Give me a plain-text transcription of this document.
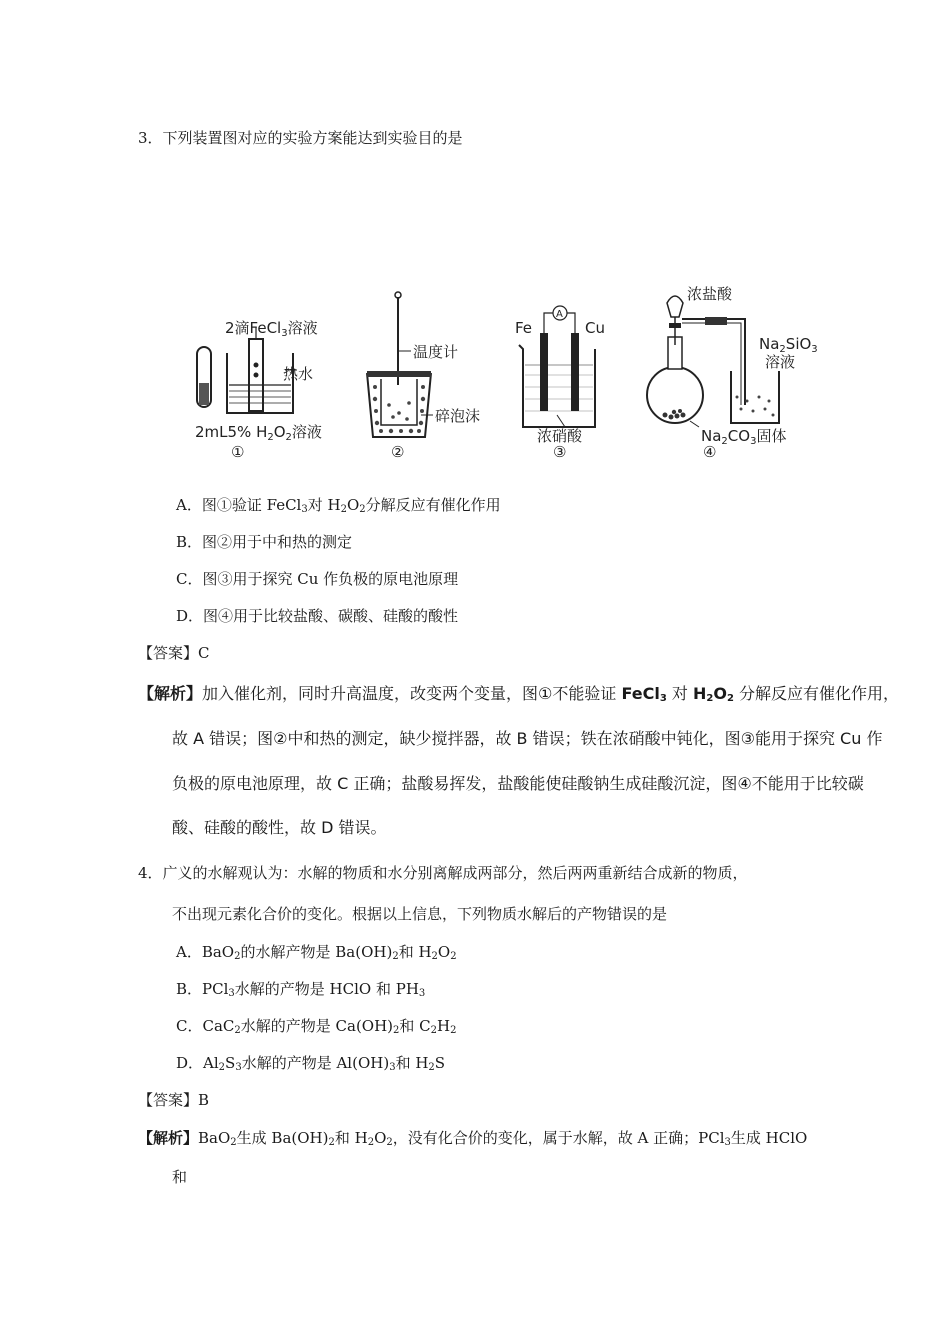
3．下列装置图对应的实验方案能达到实验目的是
2滴FeCl$_3$溶液
热水
2mL5% $H_2O_2$溶液
①
温度计
碎泡沫
②
A
Fe	Cu
浓硝酸
③
浓盐酸
$Na_2SiO_3$
溶液
$Na_2CO_3$固体
④
A．图①验证 FeCl$_3$对 $H_2O_2$分解反应有催化作用
B．图②用于中和热的测定
C．图③用于探究 Cu 作负极的原电池原理
D．图④用于比较盐酸、碳酸、硅酸的酸性
【答案】C
【解析】加入催化剂，同时升高温度，改变两个变量，图①不能验证 FeCl$_3$ 对 $H_2O_2$ 分解反应有催化作用，
故 A 错误；图②中和热的测定，缺少搅拌器，故 B 错误；铁在浓硝酸中钝化，图③能用于探究 Cu 作
负极的原电池原理，故 C 正确；盐酸易挥发，盐酸能使硅酸钠生成硅酸沉淀，图④不能用于比较碳
酸、硅酸的酸性，故 D 错误。
4．广义的水解观认为：水解的物质和水分别离解成两部分，然后两两重新结合成新的物质，
不出现元素化合价的变化。根据以上信息，下列物质水解后的产物错误的是
A．BaO$_2$的水解产物是 $Ba(OH)_2$和 $H_2O_2$
B．PCl$_3$水解的产物是 HClO 和 $PH_3$
C．CaC$_2$水解的产物是 $Ca(OH)_2$和 $C_2H_2$
D．$Al_2S_3$水解的产物是 $Al(OH)_3$和 $H_2S$
【答案】B
【解析】BaO$_2$生成 $Ba(OH)_2$和 $H_2O_2$，没有化合价的变化，属于水解，故 A 正确；PCl$_3$生成 HClO
和
